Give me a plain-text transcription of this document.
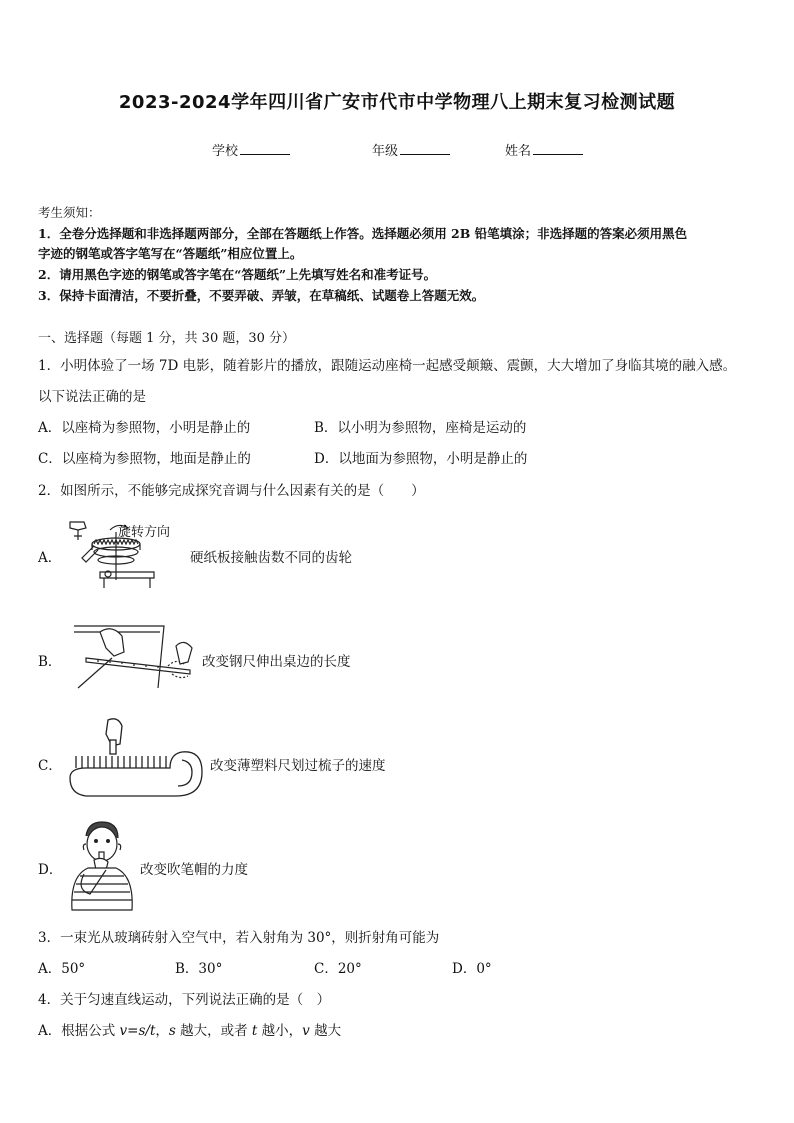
2023-2024学年四川省广安市代市中学物理八上期末复习检测试题
学校	年级	姓名
考生须知：
1．全卷分选择题和非选择题两部分，全部在答题纸上作答。选择题必须用 2B 铅笔填涂；非选择题的答案必须用黑色
字迹的钢笔或答字笔写在“答题纸”相应位置上。
2．请用黑色字迹的钢笔或答字笔在“答题纸”上先填写姓名和准考证号。
3．保持卡面清洁，不要折叠，不要弄破、弄皱，在草稿纸、试题卷上答题无效。
一、选择题（每题 1 分，共 30 题，30 分）
1．小明体验了一场 7D 电影，随着影片的播放，跟随运动座椅一起感受颠簸、震颤，大大增加了身临其境的融入感。
以下说法正确的是
A．以座椅为参照物，小明是静止的	B．以小明为参照物，座椅是运动的
C．以座椅为参照物，地面是静止的	D．以地面为参照物，小明是静止的
2．如图所示，不能够完成探究音调与什么因素有关的是（　　）
A．
旋转方向
硬纸板接触齿数不同的齿轮
B．	改变钢尺伸出桌边的长度
C．	改变薄塑料尺划过梳子的速度
D．	改变吹笔帽的力度
3．一束光从玻璃砖射入空气中，若入射角为 30°，则折射角可能为
A．50°	B．30°	C．20°	D．0°
4．关于匀速直线运动，下列说法正确的是（　）
A．根据公式 v=s/t，s 越大，或者 t 越小，v 越大
